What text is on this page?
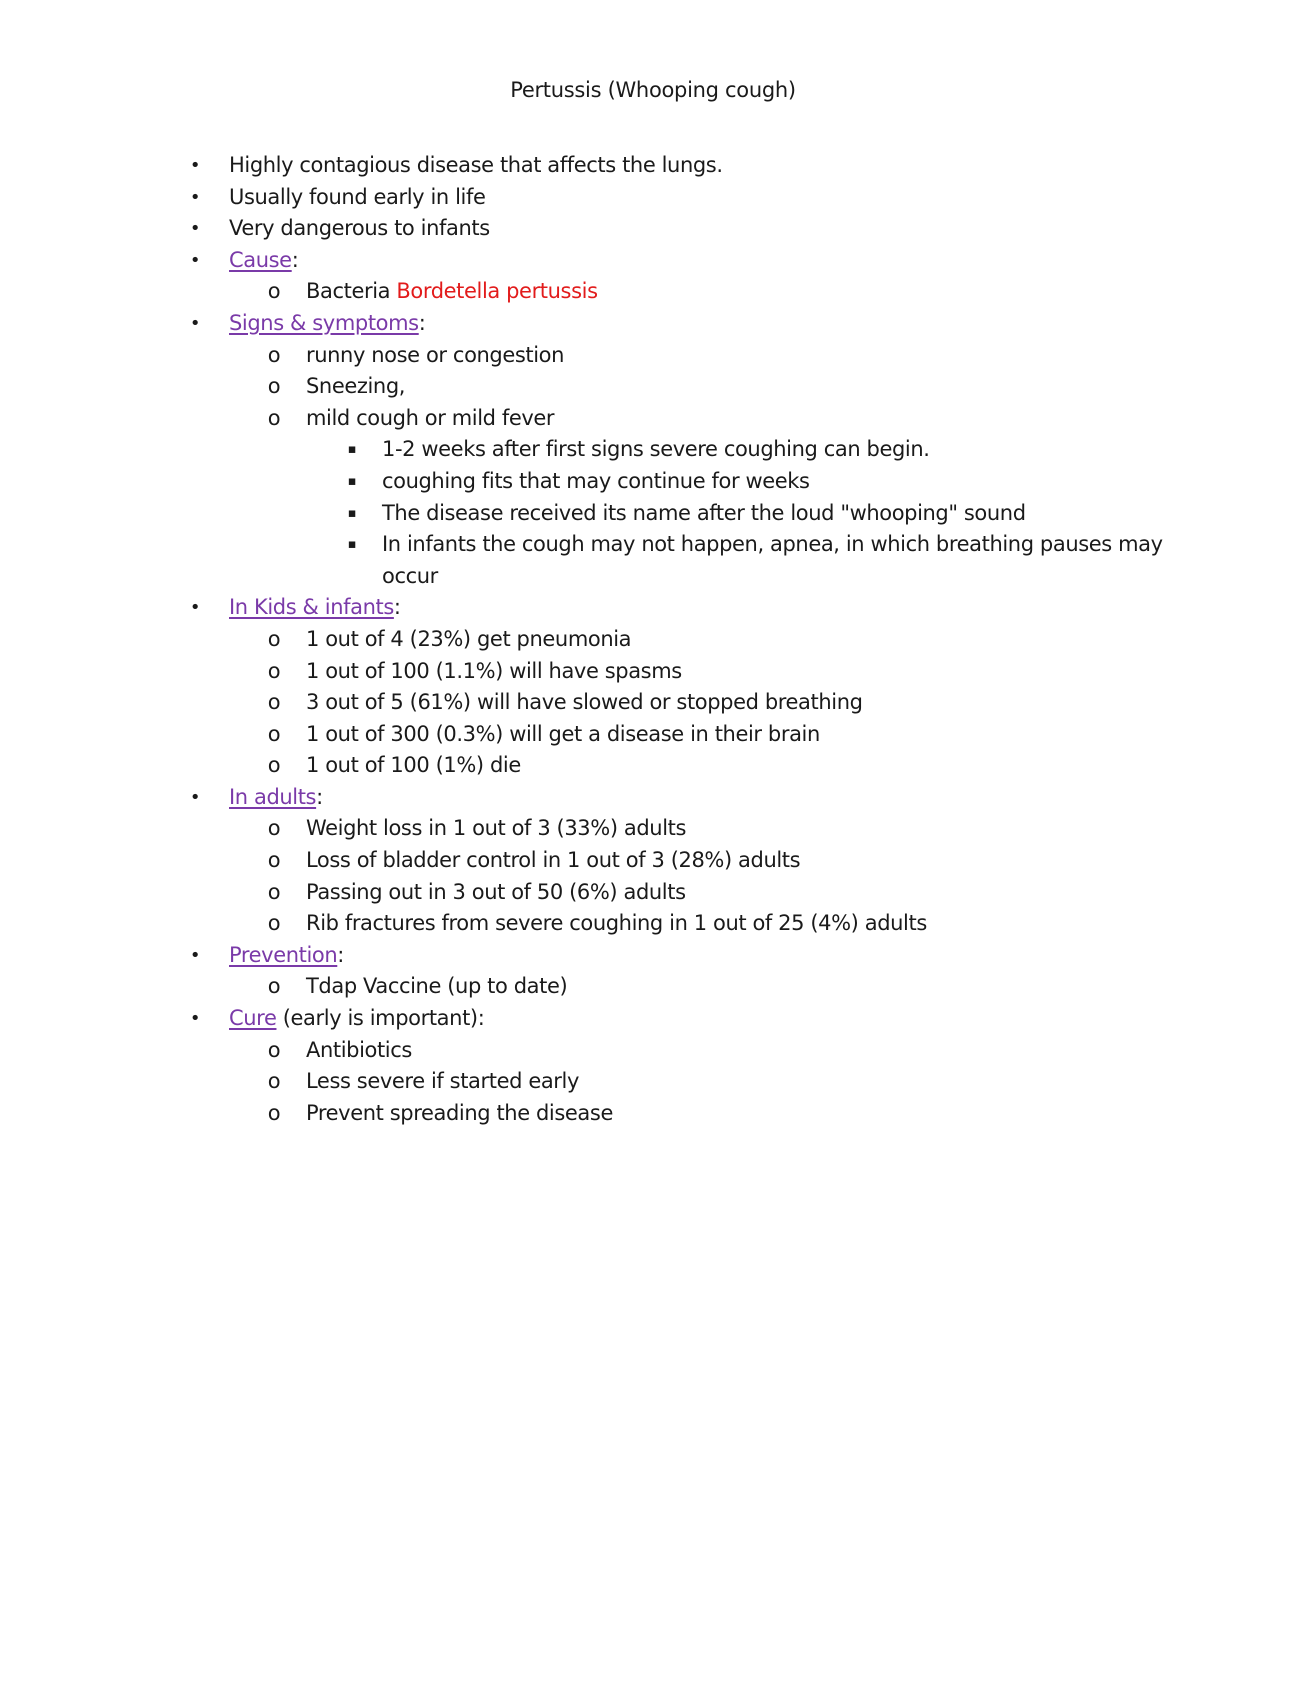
Pertussis (Whooping cough)
• Highly contagious disease that affects the lungs.
• Usually found early in life
• Very dangerous to infants
• Cause:
o Bacteria Bordetella pertussis
• Signs & symptoms:
o runny nose or congestion
o Sneezing,
o mild cough or mild fever
▪ 1-2 weeks after first signs severe coughing can begin.
▪ coughing fits that may continue for weeks
▪ The disease received its name after the loud "whooping" sound
▪ In infants the cough may not happen, apnea, in which breathing pauses may
occur
• In Kids & infants:
o 1 out of 4 (23%) get pneumonia
o 1 out of 100 (1.1%) will have spasms
o 3 out of 5 (61%) will have slowed or stopped breathing
o 1 out of 300 (0.3%) will get a disease in their brain
o 1 out of 100 (1%) die
• In adults:
o Weight loss in 1 out of 3 (33%) adults
o Loss of bladder control in 1 out of 3 (28%) adults
o Passing out in 3 out of 50 (6%) adults
o Rib fractures from severe coughing in 1 out of 25 (4%) adults
• Prevention:
o Tdap Vaccine (up to date)
• Cure (early is important):
o Antibiotics
o Less severe if started early
o Prevent spreading the disease
